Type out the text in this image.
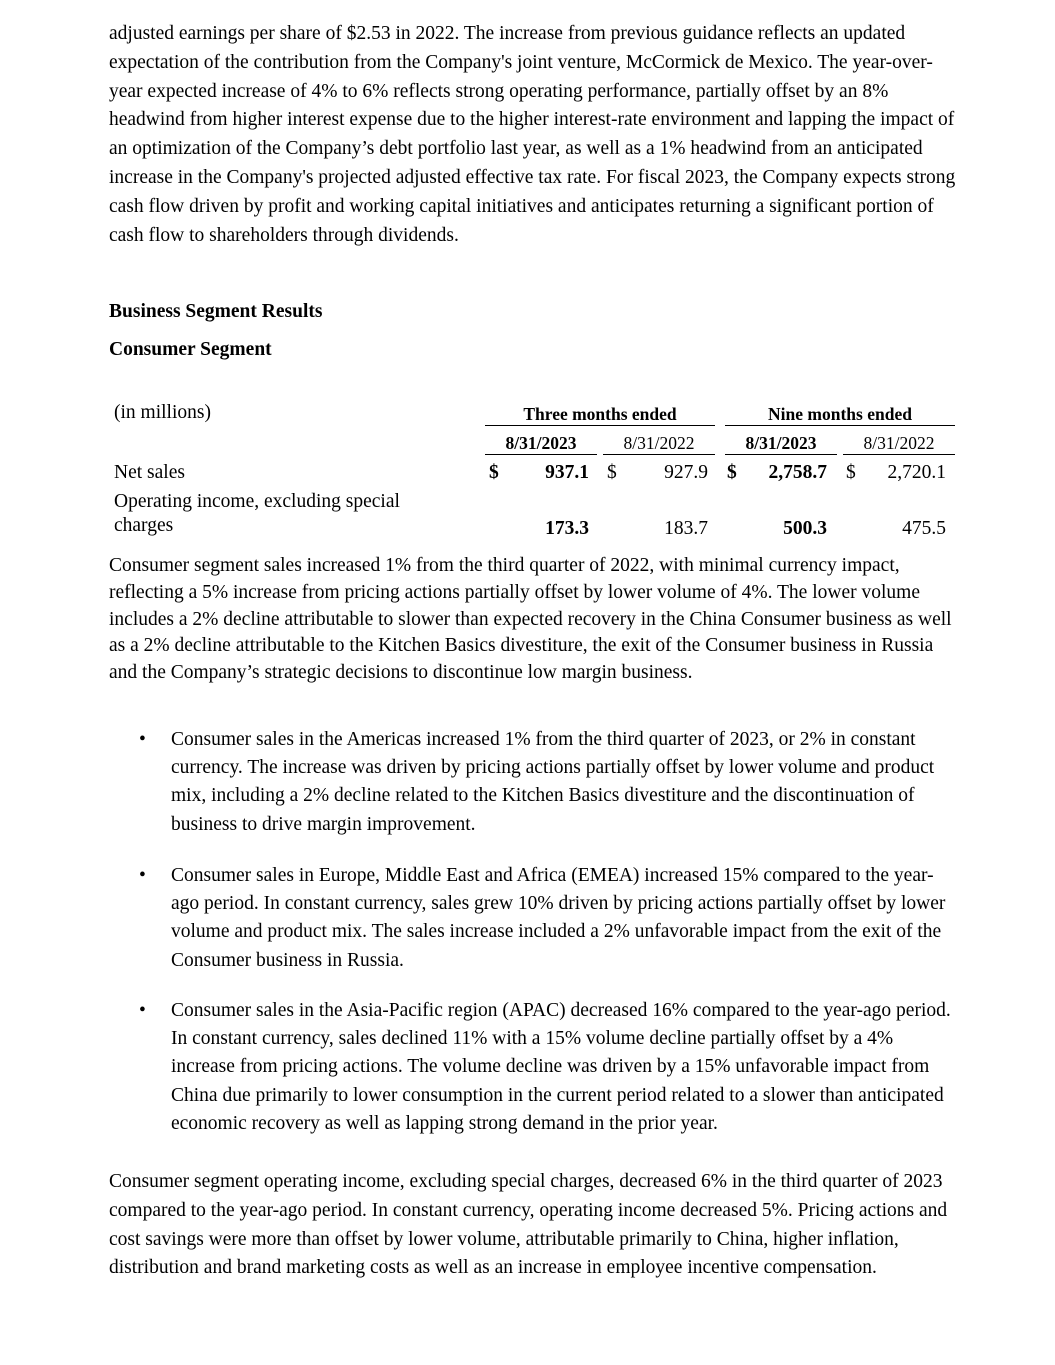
adjusted earnings per share of $2.53 in 2022. The increase from previous guidance reflects an updated expectation of the contribution from the Company's joint venture, McCormick de Mexico. The year-over-year expected increase of 4% to 6% reflects strong operating performance, partially offset by an 8% headwind from higher interest expense due to the higher interest-rate environment and lapping the impact of an optimization of the Company’s debt portfolio last year, as well as a 1% headwind from an anticipated increase in the Company's projected adjusted effective tax rate. For fiscal 2023, the Company expects strong cash flow driven by profit and working capital initiatives and anticipates returning a significant portion of cash flow to shareholders through dividends.

Business Segment Results

Consumer Segment

(in millions)	Three months ended	Nine months ended
8/31/2023	8/31/2022	8/31/2023	8/31/2022
Net sales	$	937.1 $	927.9 $	2,758.7 $	2,720.1
Operating income, excluding special
charges	173.3	183.7	500.3	475.5

Consumer segment sales increased 1% from the third quarter of 2022, with minimal currency impact, reflecting a 5% increase from pricing actions partially offset by lower volume of 4%. The lower volume includes a 2% decline attributable to slower than expected recovery in the China Consumer business as well as a 2% decline attributable to the Kitchen Basics divestiture, the exit of the Consumer business in Russia and the Company’s strategic decisions to discontinue low margin business.

• Consumer sales in the Americas increased 1% from the third quarter of 2023, or 2% in constant currency. The increase was driven by pricing actions partially offset by lower volume and product mix, including a 2% decline related to the Kitchen Basics divestiture and the discontinuation of business to drive margin improvement.

• Consumer sales in Europe, Middle East and Africa (EMEA) increased 15% compared to the year-ago period. In constant currency, sales grew 10% driven by pricing actions partially offset by lower volume and product mix. The sales increase included a 2% unfavorable impact from the exit of the Consumer business in Russia.

• Consumer sales in the Asia-Pacific region (APAC) decreased 16% compared to the year-ago period. In constant currency, sales declined 11% with a 15% volume decline partially offset by a 4% increase from pricing actions. The volume decline was driven by a 15% unfavorable impact from China due primarily to lower consumption in the current period related to a slower than anticipated economic recovery as well as lapping strong demand in the prior year.

Consumer segment operating income, excluding special charges, decreased 6% in the third quarter of 2023 compared to the year-ago period. In constant currency, operating income decreased 5%. Pricing actions and cost savings were more than offset by lower volume, attributable primarily to China, higher inflation, distribution and brand marketing costs as well as an increase in employee incentive compensation.
